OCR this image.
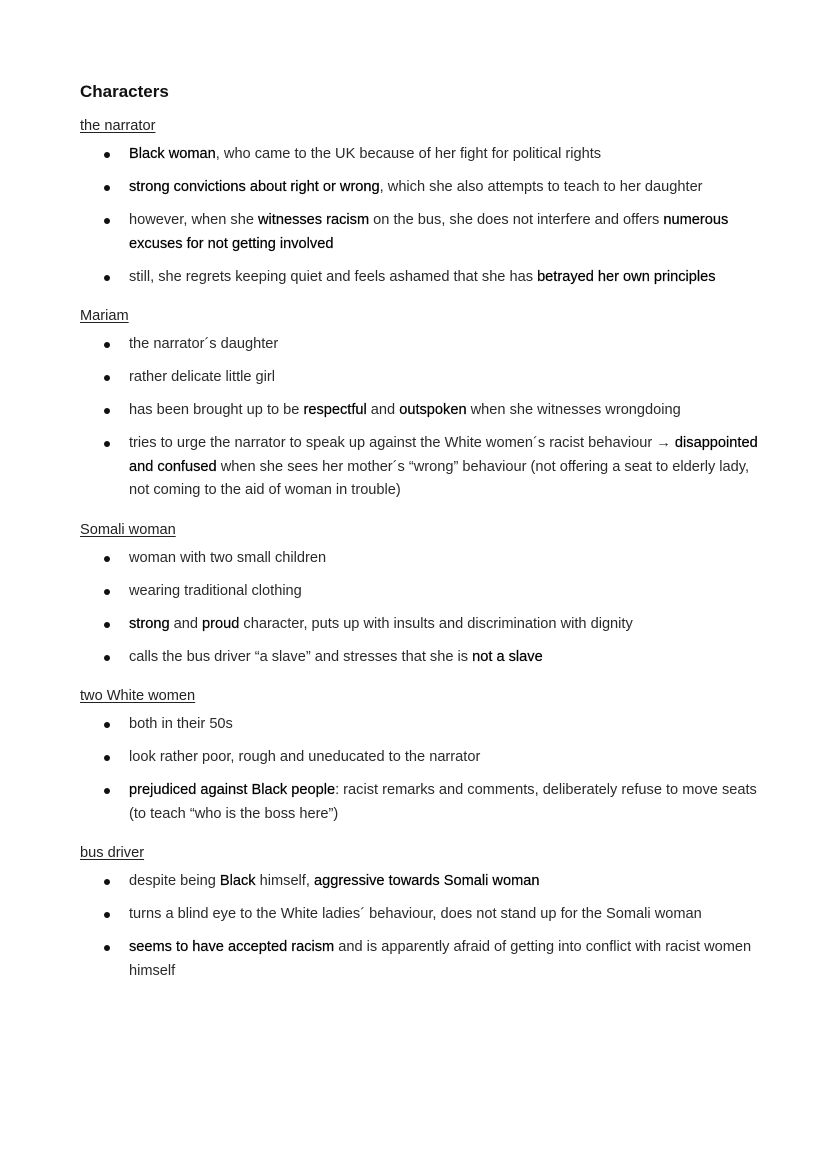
Characters
the narrator
Black woman, who came to the UK because of her fight for political rights
strong convictions about right or wrong, which she also attempts to teach to her daughter
however, when she witnesses racism on the bus, she does not interfere and offers numerous excuses for not getting involved
still, she regrets keeping quiet and feels ashamed that she has betrayed her own principles
Mariam
the narrator´s daughter
rather delicate little girl
has been brought up to be respectful and outspoken when she witnesses wrongdoing
tries to urge the narrator to speak up against the White women´s racist behaviour → disappointed and confused when she sees her mother´s “wrong” behaviour (not offering a seat to elderly lady, not coming to the aid of woman in trouble)
Somali woman
woman with two small children
wearing traditional clothing
strong and proud character, puts up with insults and discrimination with dignity
calls the bus driver “a slave” and stresses that she is not a slave
two White women
both in their 50s
look rather poor, rough and uneducated to the narrator
prejudiced against Black people: racist remarks and comments, deliberately refuse to move seats (to teach “who is the boss here”)
bus driver
despite being Black himself, aggressive towards Somali woman
turns a blind eye to the White ladies´ behaviour, does not stand up for the Somali woman
seems to have accepted racism and is apparently afraid of getting into conflict with racist women himself
